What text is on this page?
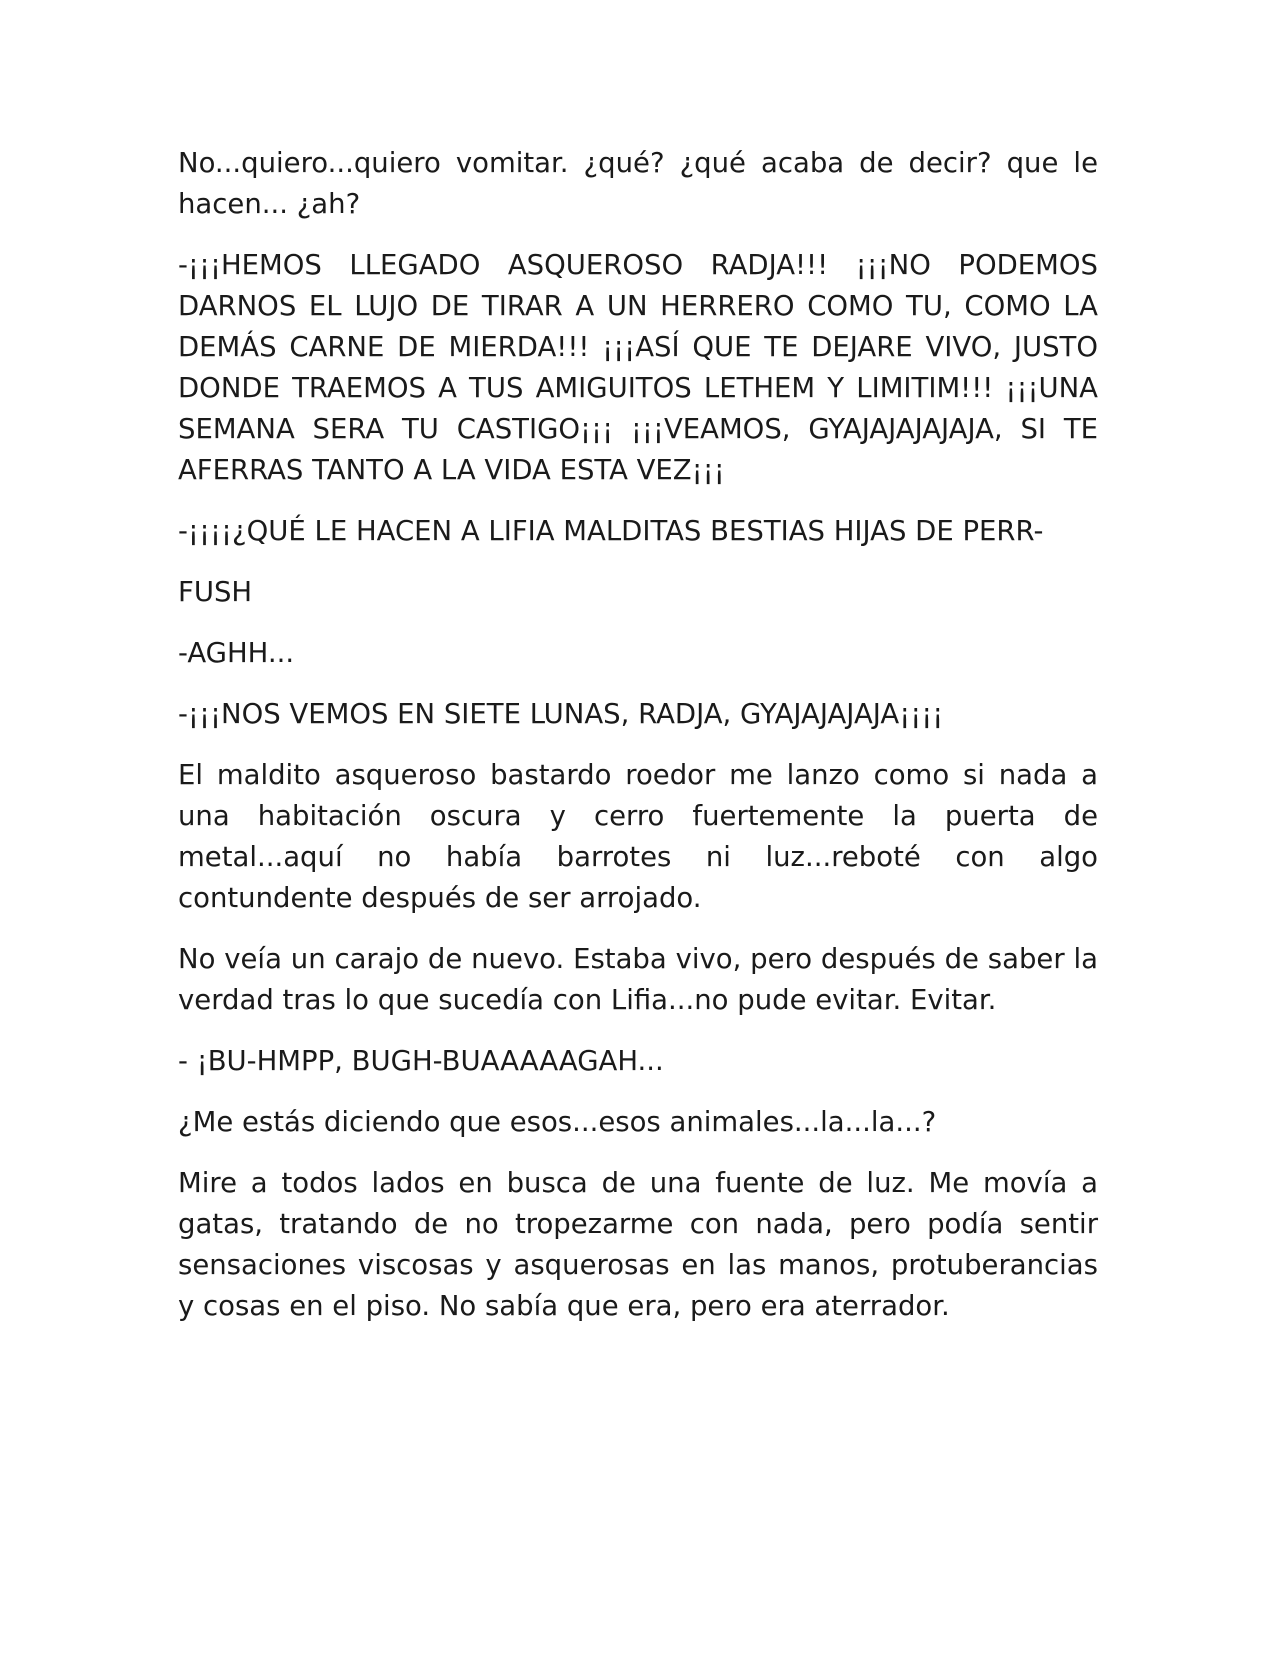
No...quiero...quiero vomitar. ¿qué? ¿qué acaba de decir? que le hacen... ¿ah?

-¡¡¡HEMOS LLEGADO ASQUEROSO RADJA!!! ¡¡¡NO PODEMOS DARNOS EL LUJO DE TIRAR A UN HERRERO COMO TU, COMO LA DEMÁS CARNE DE MIERDA!!! ¡¡¡ASÍ QUE TE DEJARE VIVO, JUSTO DONDE TRAEMOS A TUS AMIGUITOS LETHEM Y LIMITIM!!! ¡¡¡UNA SEMANA SERA TU CASTIGO¡¡¡ ¡¡¡VEAMOS, GYAJAJAJAJAJA, SI TE AFERRAS TANTO A LA VIDA ESTA VEZ¡¡¡

-¡¡¡¡¿QUÉ LE HACEN A LIFIA MALDITAS BESTIAS HIJAS DE PERR-

FUSH

-AGHH...

-¡¡¡NOS VEMOS EN SIETE LUNAS, RADJA, GYAJAJAJAJA¡¡¡¡

El maldito asqueroso bastardo roedor me lanzo como si nada a una habitación oscura y cerro fuertemente la puerta de metal...aquí no había barrotes ni luz...reboté con algo contundente después de ser arrojado.

No veía un carajo de nuevo. Estaba vivo, pero después de saber la verdad tras lo que sucedía con Lifia...no pude evitar. Evitar.

- ¡BU-HMPP, BUGH-BUAAAAAGAH...

¿Me estás diciendo que esos...esos animales...la...la...?

Mire a todos lados en busca de una fuente de luz. Me movía a gatas, tratando de no tropezarme con nada, pero podía sentir sensaciones viscosas y asquerosas en las manos, protuberancias y cosas en el piso. No sabía que era, pero era aterrador.
